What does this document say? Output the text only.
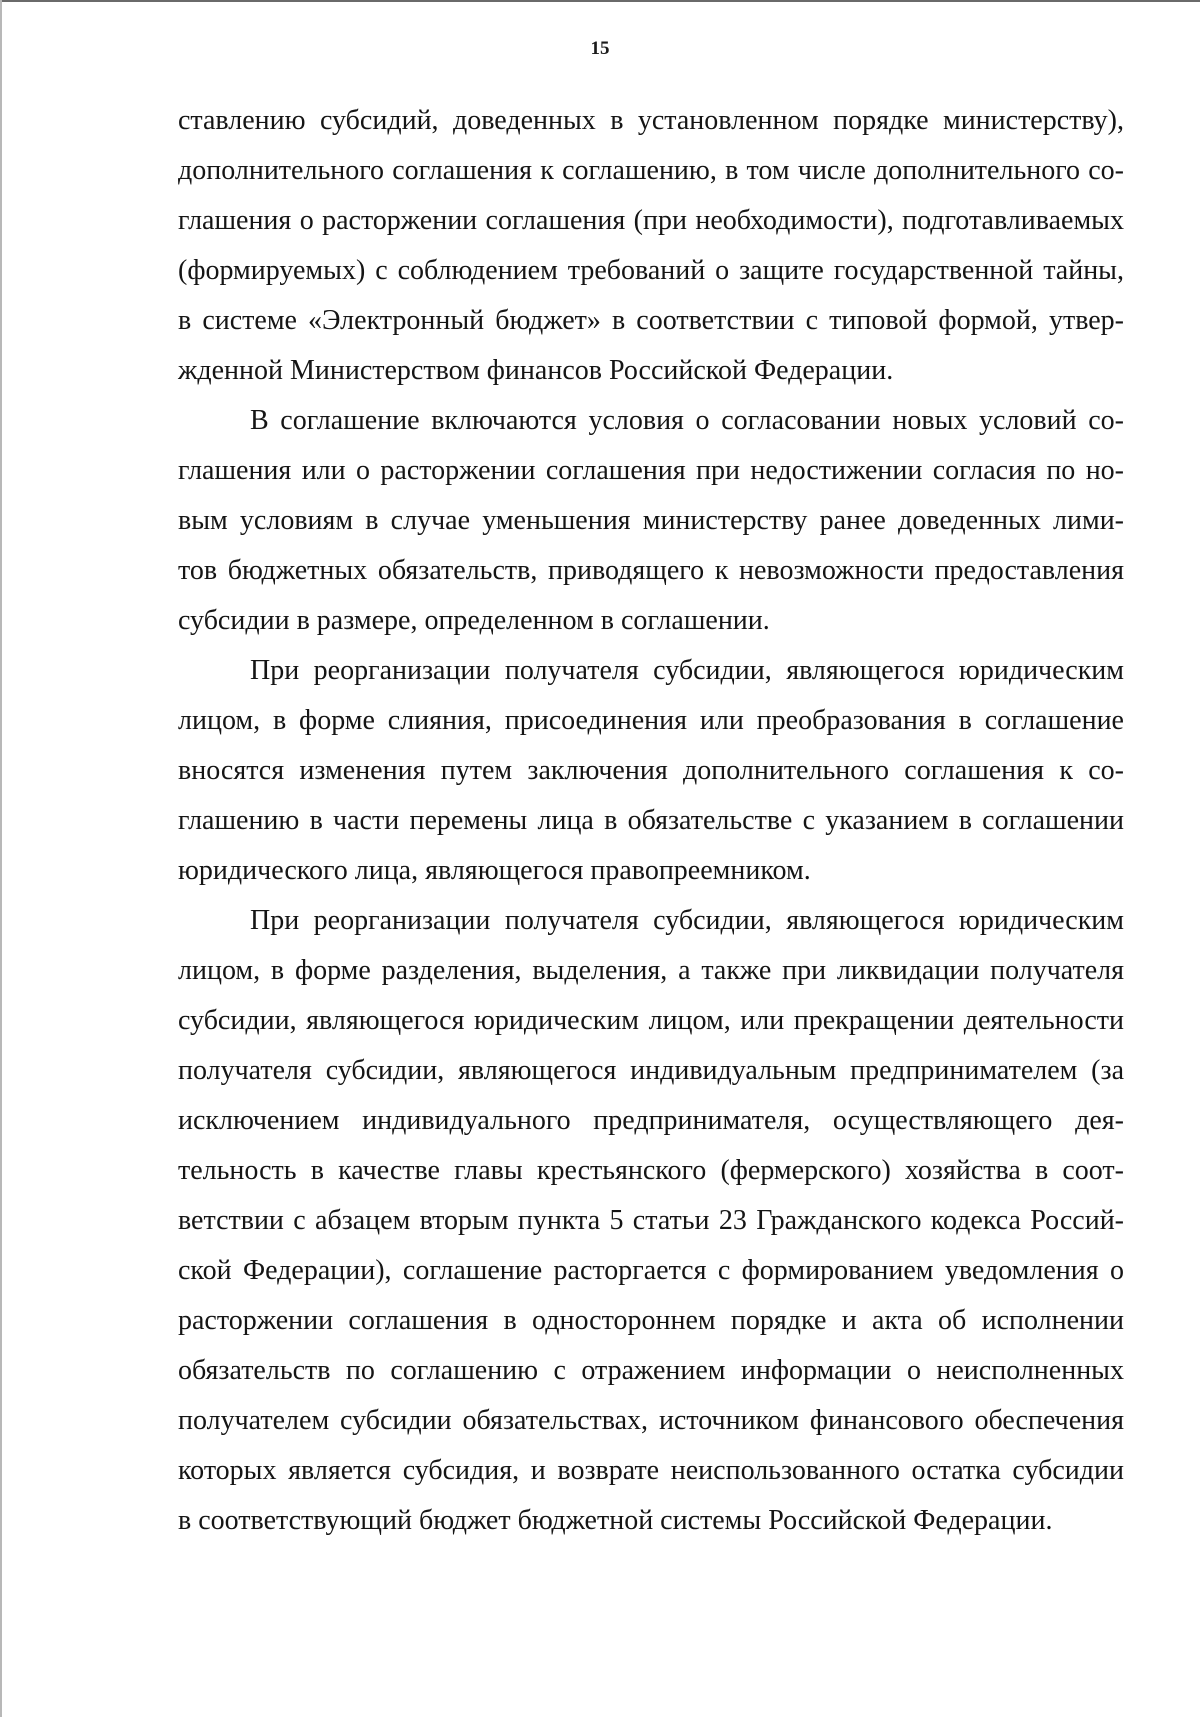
15

ставлению субсидий, доведенных в установленном порядке министерству),
дополнительного соглашения к соглашению, в том числе дополнительного со-
глашения о расторжении соглашения (при необходимости), подготавливаемых
(формируемых) с соблюдением требований о защите государственной тайны,
в системе «Электронный бюджет» в соответствии с типовой формой, утвер-
жденной Министерством финансов Российской Федерации.

В соглашение включаются условия о согласовании новых условий со-
глашения или о расторжении соглашения при недостижении согласия по но-
вым условиям в случае уменьшения министерству ранее доведенных лими-
тов бюджетных обязательств, приводящего к невозможности предоставления
субсидии в размере, определенном в соглашении.

При реорганизации получателя субсидии, являющегося юридическим
лицом, в форме слияния, присоединения или преобразования в соглашение
вносятся изменения путем заключения дополнительного соглашения к со-
глашению в части перемены лица в обязательстве с указанием в соглашении
юридического лица, являющегося правопреемником.

При реорганизации получателя субсидии, являющегося юридическим
лицом, в форме разделения, выделения, а также при ликвидации получателя
субсидии, являющегося юридическим лицом, или прекращении деятельности
получателя субсидии, являющегося индивидуальным предпринимателем (за
исключением индивидуального предпринимателя, осуществляющего дея-
тельность в качестве главы крестьянского (фермерского) хозяйства в соот-
ветствии с абзацем вторым пункта 5 статьи 23 Гражданского кодекса Россий-
ской Федерации), соглашение расторгается с формированием уведомления о
расторжении соглашения в одностороннем порядке и акта об исполнении
обязательств по соглашению с отражением информации о неисполненных
получателем субсидии обязательствах, источником финансового обеспечения
которых является субсидия, и возврате неиспользованного остатка субсидии
в соответствующий бюджет бюджетной системы Российской Федерации.
